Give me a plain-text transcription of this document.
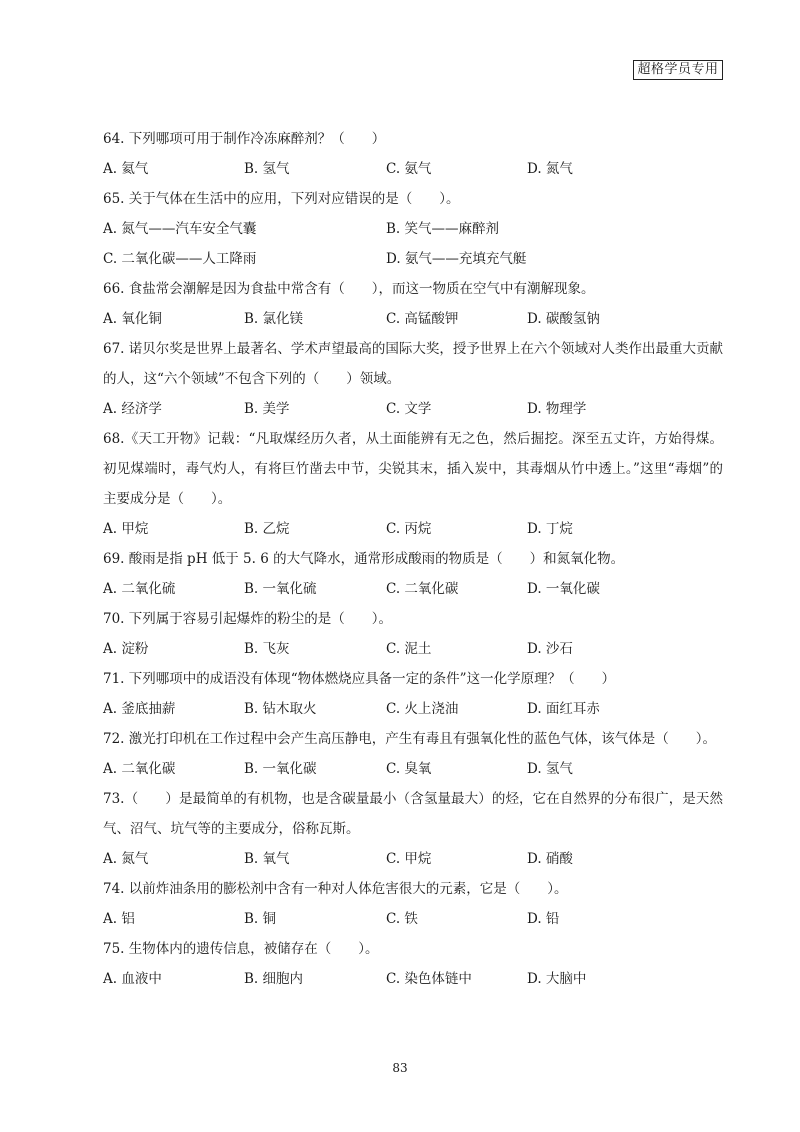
超格学员专用
64. 下列哪项可用于制作冷冻麻醉剂？（　　）
A. 氦气	B. 氢气	C. 氨气	D. 氮气
65. 关于气体在生活中的应用，下列对应错误的是（　　）。
A. 氮气——汽车安全气囊	B. 笑气——麻醉剂
C. 二氧化碳——人工降雨	D. 氨气——充填充气艇
66. 食盐常会潮解是因为食盐中常含有（　　），而这一物质在空气中有潮解现象。
A. 氧化铜	B. 氯化镁	C. 高锰酸钾	D. 碳酸氢钠
67. 诺贝尔奖是世界上最著名、学术声望最高的国际大奖，授予世界上在六个领域对人类作出最重大贡献的人，这“六个领域”不包含下列的（　　）领域。
A. 经济学	B. 美学	C. 文学	D. 物理学
68.《天工开物》记载：“凡取煤经历久者，从土面能辨有无之色，然后掘挖。深至五丈许，方始得煤。初见煤端时，毒气灼人，有将巨竹凿去中节，尖锐其末，插入炭中，其毒烟从竹中透上。”这里“毒烟”的主要成分是（　　）。
A. 甲烷	B. 乙烷	C. 丙烷	D. 丁烷
69. 酸雨是指 pH 低于 5. 6 的大气降水，通常形成酸雨的物质是（　　）和氮氧化物。
A. 二氧化硫	B. 一氧化硫	C. 二氧化碳	D. 一氧化碳
70. 下列属于容易引起爆炸的粉尘的是（　　）。
A. 淀粉	B. 飞灰	C. 泥土	D. 沙石
71. 下列哪项中的成语没有体现“物体燃烧应具备一定的条件”这一化学原理？（　　）
A. 釜底抽薪	B. 钻木取火	C. 火上浇油	D. 面红耳赤
72. 激光打印机在工作过程中会产生高压静电，产生有毒且有强氧化性的蓝色气体，该气体是（　　）。
A. 二氧化碳	B. 一氧化碳	C. 臭氧	D. 氢气
73.（　　）是最简单的有机物，也是含碳量最小（含氢量最大）的烃，它在自然界的分布很广，是天然气、沼气、坑气等的主要成分，俗称瓦斯。
A. 氮气	B. 氧气	C. 甲烷	D. 硝酸
74. 以前炸油条用的膨松剂中含有一种对人体危害很大的元素，它是（　　）。
A. 铝	B. 铜	C. 铁	D. 铅
75. 生物体内的遗传信息，被储存在（　　）。
A. 血液中	B. 细胞内	C. 染色体链中	D. 大脑中
83
